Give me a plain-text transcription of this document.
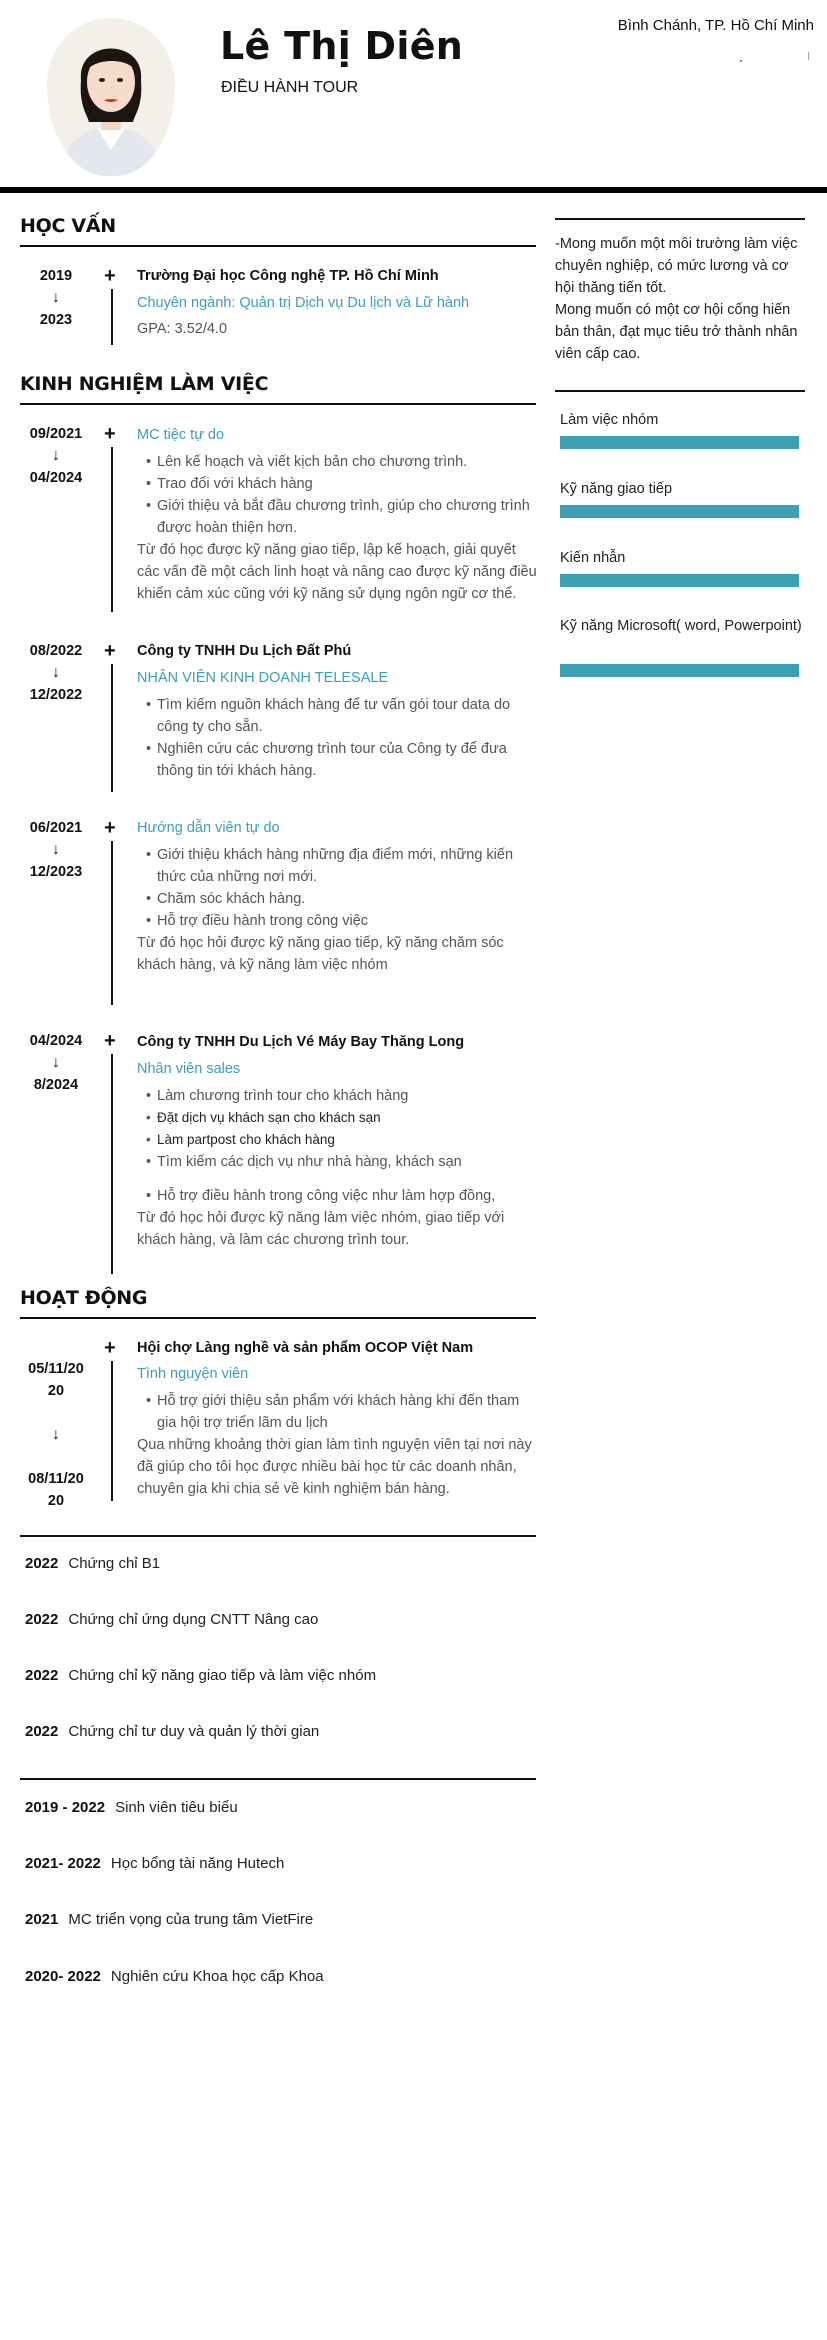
Lê Thị Diên
ĐIỀU HÀNH TOUR
Bình Chánh, TP. Hồ Chí Minh
HỌC VẤN
2019
↓
2023
+ Trường Đại học Công nghệ TP. Hồ Chí Minh
Chuyên ngành: Quản trị Dịch vụ Du lịch và Lữ hành
GPA: 3.52/4.0
KINH NGHIỆM LÀM VIỆC
09/2021
↓
04/2024
+ MC tiệc tự do
• Lên kế hoạch và viết kịch bản cho chương trình.
• Trao đổi với khách hàng
• Giới thiệu và bắt đầu chương trình, giúp cho chương trình được hoàn thiện hơn.
Từ đó học được kỹ năng giao tiếp, lập kế hoạch, giải quyết các vấn đề một cách linh hoạt và nâng cao được kỹ năng điều khiển cảm xúc cũng với kỹ năng sử dụng ngôn ngữ cơ thể.
08/2022
↓
12/2022
+ Công ty TNHH Du Lịch Đất Phú
NHÂN VIÊN KINH DOANH TELESALE
• Tìm kiếm nguồn khách hàng để tư vấn gói tour data do công ty cho sẵn.
• Nghiên cứu các chương trình tour của Công ty để đưa thông tin tới khách hàng.
06/2021
↓
12/2023
+ Hướng dẫn viên tự do
• Giới thiệu khách hàng những địa điểm mới, những kiến thức của những nơi mới.
• Chăm sóc khách hàng.
• Hỗ trợ điều hành trong công việc
Từ đó học hỏi được kỹ năng giao tiếp, kỹ năng chăm sóc khách hàng, và kỹ năng làm việc nhóm
04/2024
↓
8/2024
+ Công ty TNHH Du Lịch Vé Máy Bay Thăng Long
Nhân viên sales
• Làm chương trình tour cho khách hàng
• Đặt dịch vụ khách sạn cho khách sạn
• Làm partpost cho khách hàng
• Tìm kiếm các dịch vụ như nhà hàng, khách sạn
• Hỗ trợ điều hành trong công việc như làm hợp đồng,
Từ đó học hỏi được kỹ năng làm việc nhóm, giao tiếp với khách hàng, và làm các chương trình tour.
HOẠT ĐỘNG

05/11/20
20

↓

08/11/20
20

+ Hội chợ Làng nghề và sản phẩm OCOP Việt Nam
Tình nguyện viên
• Hỗ trợ giới thiệu sản phẩm với khách hàng khi đến tham gia hội trợ triển lãm du lịch
Qua những khoảng thời gian làm tình nguyện viên tại nơi này đã giúp cho tôi học được nhiều bài học từ các doanh nhân, chuyên gia khi chia sẻ về kinh nghiệm bán hàng.
2022 Chứng chỉ B1
2022 Chứng chỉ ứng dụng CNTT Nâng cao
2022 Chứng chỉ kỹ năng giao tiếp và làm việc nhóm
2022 Chứng chỉ tư duy và quản lý thời gian
2019 - 2022 Sinh viên tiêu biểu
2021- 2022 Học bổng tài năng Hutech
2021 MC triển vọng của trung tâm VietFire
2020- 2022 Nghiên cứu Khoa học cấp Khoa
-Mong muốn một môi trường làm việc chuyên nghiệp, có mức lương và cơ hội thăng tiến tốt.
Mong muốn có một cơ hội cống hiến bản thân, đạt mục tiêu trở thành nhân viên cấp cao.
Làm việc nhóm
Kỹ năng giao tiếp
Kiến nhẫn
Kỹ năng Microsoft( word, Powerpoint)
